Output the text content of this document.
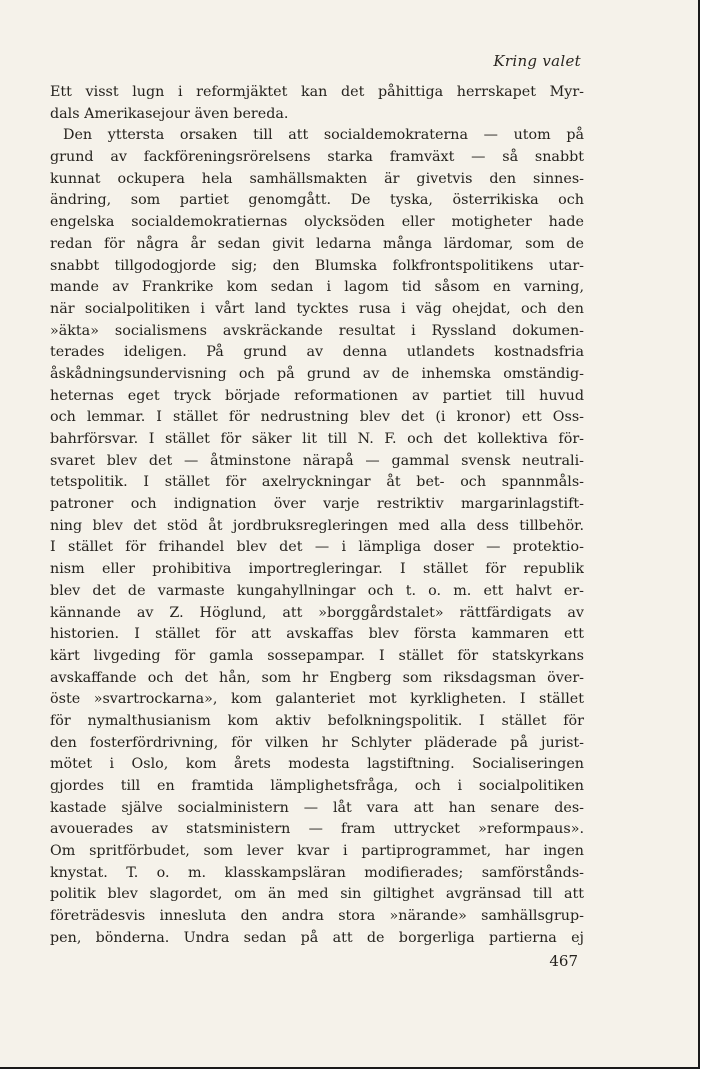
Kring valet
Ett visst lugn i reformjäktet kan det påhittiga herrskapet Myr-
dals Amerikasejour även bereda.
Den yttersta orsaken till att socialdemokraterna — utom på
grund av fackföreningsrörelsens starka framväxt — så snabbt
kunnat ockupera hela samhällsmakten är givetvis den sinnes-
ändring, som partiet genomgått. De tyska, österrikiska och
engelska socialdemokratiernas olycksöden eller motigheter hade
redan för några år sedan givit ledarna många lärdomar, som de
snabbt tillgodogjorde sig; den Blumska folkfrontspolitikens utar-
mande av Frankrike kom sedan i lagom tid såsom en varning,
när socialpolitiken i vårt land tycktes rusa i väg ohejdat, och den
»äkta» socialismens avskräckande resultat i Ryssland dokumen-
terades ideligen. På grund av denna utlandets kostnadsfria
åskådningsundervisning och på grund av de inhemska omständig-
heternas eget tryck började reformationen av partiet till huvud
och lemmar. I stället för nedrustning blev det (i kronor) ett Oss-
bahrförsvar. I stället för säker lit till N. F. och det kollektiva för-
svaret blev det — åtminstone närapå — gammal svensk neutrali-
tetspolitik. I stället för axelryckningar åt bet- och spannmåls-
patroner och indignation över varje restriktiv margarinlagstift-
ning blev det stöd åt jordbruksregleringen med alla dess tillbehör.
I stället för frihandel blev det — i lämpliga doser — protektio-
nism eller prohibitiva importregleringar. I stället för republik
blev det de varmaste kungahyllningar och t. o. m. ett halvt er-
kännande av Z. Höglund, att »borggårdstalet» rättfärdigats av
historien. I stället för att avskaffas blev första kammaren ett
kärt livgeding för gamla sossepampar. I stället för statskyrkans
avskaffande och det hån, som hr Engberg som riksdagsman över-
öste »svartrockarna», kom galanteriet mot kyrkligheten. I stället
för nymalthusianism kom aktiv befolkningspolitik. I stället för
den fosterfördrivning, för vilken hr Schlyter pläderade på jurist-
mötet i Oslo, kom årets modesta lagstiftning. Socialiseringen
gjordes till en framtida lämplighetsfråga, och i socialpolitiken
kastade själve socialministern — låt vara att han senare des-
avouerades av statsministern — fram uttrycket »reformpaus».
Om spritförbudet, som lever kvar i partiprogrammet, har ingen
knystat. T. o. m. klasskampsläran modifierades; samförstånds-
politik blev slagordet, om än med sin giltighet avgränsad till att
företrädesvis innesluta den andra stora »närande» samhällsgrup-
pen, bönderna. Undra sedan på att de borgerliga partierna ej
467
